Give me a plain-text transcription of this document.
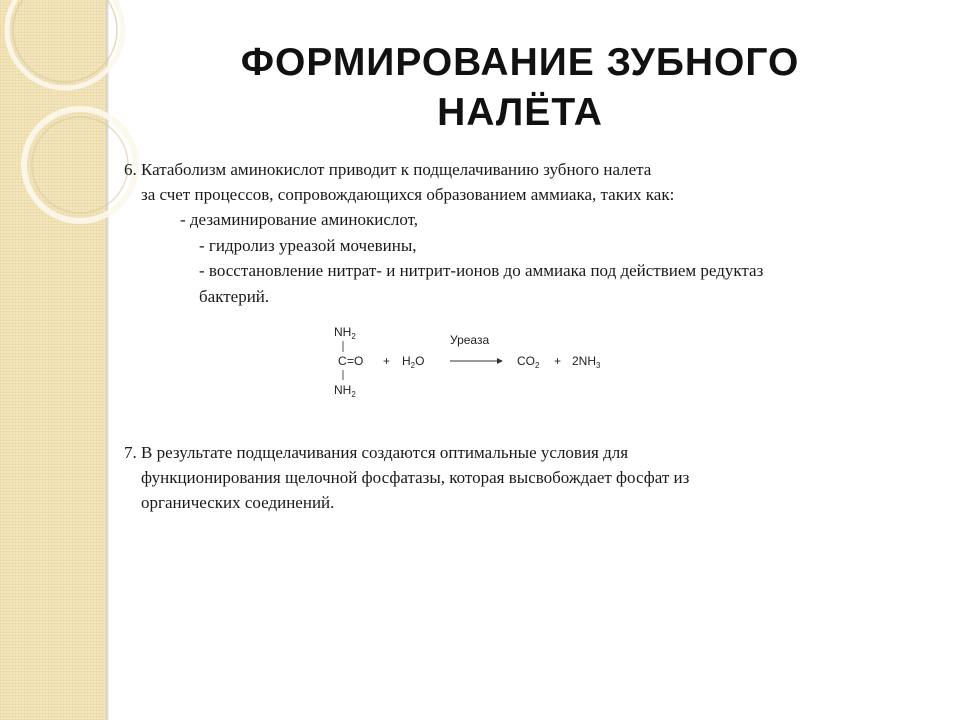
ФОРМИРОВАНИЕ ЗУБНОГО
НАЛЁТА
6. Катаболизм аминокислот приводит к подщелачиванию зубного налета
за счет процессов, сопровождающихся образованием аммиака, таких как:
- дезаминирование аминокислот,
- гидролиз уреазой мочевины,
- восстановление нитрат- и нитрит-ионов до аммиака под действием редуктаз
бактерий.
$NH_2$
C =O
$NH_2$
+ $H_2O$
Уреаза
$CO_2 + 2NH_3$
7. В результате подщелачивания создаются оптимальные условия для
функционирования щелочной фосфатазы, которая высвобождает фосфат из
органических соединений.
